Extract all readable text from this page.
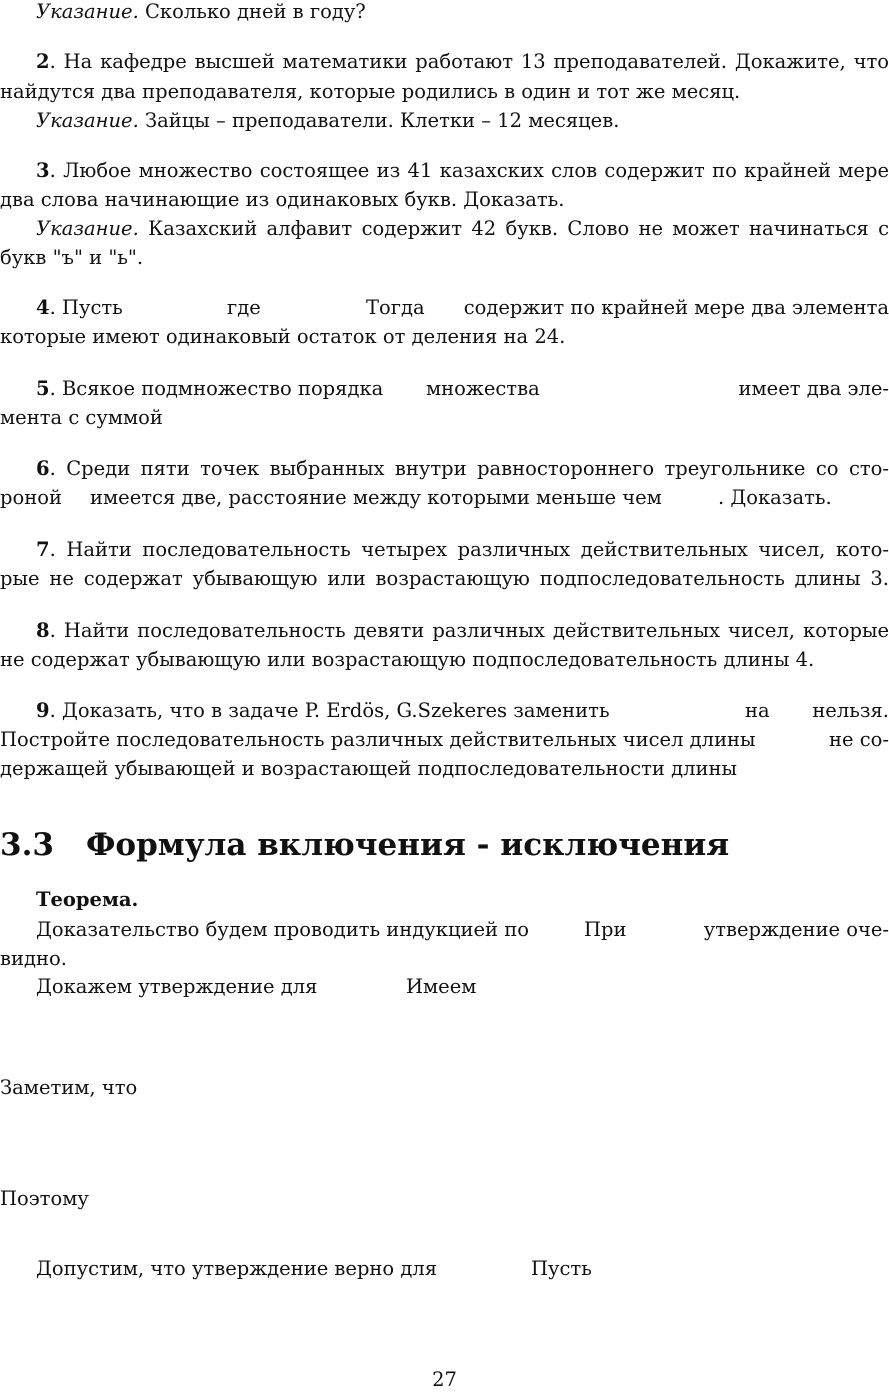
Указание. Сколько дней в году?
2. На кафедре высшей математики работают 13 преподавателей. Докажите, что
найдутся два преподавателя, которые родились в один и тот же месяц.
Указание. Зайцы – преподаватели. Клетки – 12 месяцев.
3. Любое множество состоящее из 41 казахских слов содержит по крайней мере
два слова начинающие из одинаковых букв. Доказать.
Указание. Казахский алфавит содержит 42 букв. Слово не может начинаться с
букв "ъ" и "ь".
4. Пусть	где	Тогда содержит по крайней мере два элемента
которые имеют одинаковый остаток от деления на 24.
5. Всякое подмножество порядка множества	имеет два эле-
мента с суммой
6. Среди пяти точек выбранных внутри равностороннего треугольнике со сто-
роной имеется две, расстояние между которыми меньше чем	. Доказать.
7. Найти последовательность четырех различных действительных чисел, кото-
рые не содержат убывающую или возрастающую подпоследовательность длины 3.
8. Найти последовательность девяти различных действительных чисел, которые
не содержат убывающую или возрастающую подпоследовательность длины 4.
9. Доказать, что в задаче P. Erdös, G.Szekeres заменить	на нельзя.
Постройте последовательность различных действительных чисел длины	не со-
держащей убывающей и возрастающей подпоследовательности длины
3.3 Формула включения - исключения
Теорема.
Доказательство будем проводить индукцией по	При	утверждение оче-
видно.
Докажем утверждение для	Имеем
Заметим, что
Поэтому
Допустим, что утверждение верно для	Пусть
27
